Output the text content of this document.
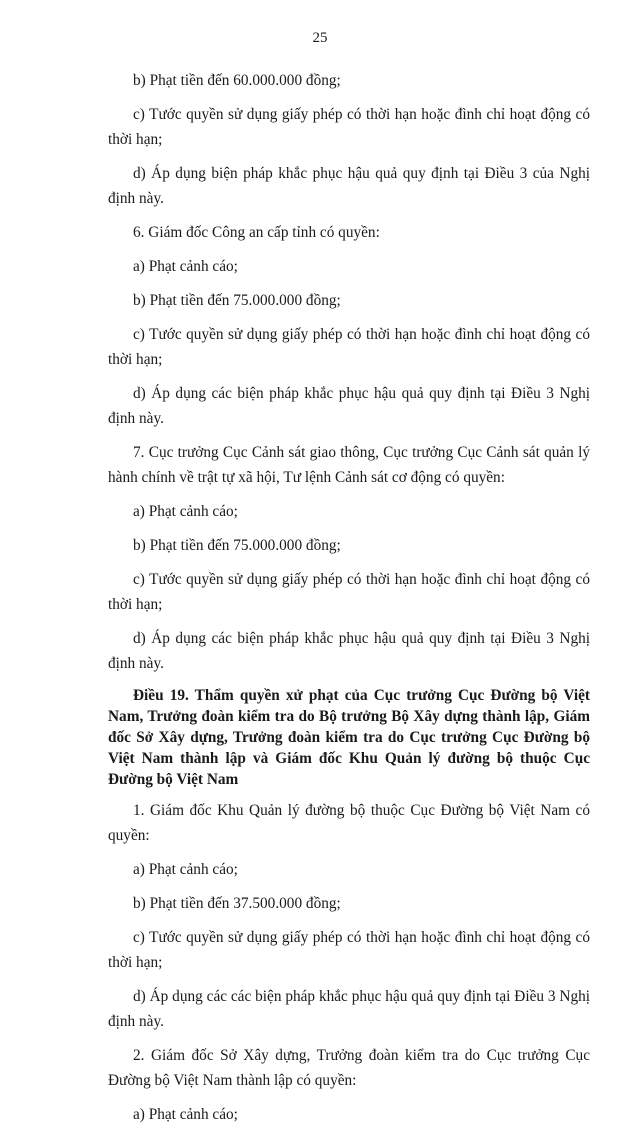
25

b) Phạt tiền đến 60.000.000 đồng;

c) Tước quyền sử dụng giấy phép có thời hạn hoặc đình chỉ hoạt động có thời hạn;

d) Áp dụng biện pháp khắc phục hậu quả quy định tại Điều 3 của Nghị định này.

6. Giám đốc Công an cấp tỉnh có quyền:

a) Phạt cảnh cáo;

b) Phạt tiền đến 75.000.000 đồng;

c) Tước quyền sử dụng giấy phép có thời hạn hoặc đình chỉ hoạt động có thời hạn;

d) Áp dụng các biện pháp khắc phục hậu quả quy định tại Điều 3 Nghị định này.

7. Cục trưởng Cục Cảnh sát giao thông, Cục trưởng Cục Cảnh sát quản lý hành chính về trật tự xã hội, Tư lệnh Cảnh sát cơ động có quyền:

a) Phạt cảnh cáo;

b) Phạt tiền đến 75.000.000 đồng;

c) Tước quyền sử dụng giấy phép có thời hạn hoặc đình chỉ hoạt động có thời hạn;

d) Áp dụng các biện pháp khắc phục hậu quả quy định tại Điều 3 Nghị định này.

Điều 19. Thẩm quyền xử phạt của Cục trưởng Cục Đường bộ Việt Nam, Trưởng đoàn kiểm tra do Bộ trưởng Bộ Xây dựng thành lập, Giám đốc Sở Xây dựng, Trưởng đoàn kiểm tra do Cục trưởng Cục Đường bộ Việt Nam thành lập và Giám đốc Khu Quản lý đường bộ thuộc Cục Đường bộ Việt Nam

1. Giám đốc Khu Quản lý đường bộ thuộc Cục Đường bộ Việt Nam có quyền:

a) Phạt cảnh cáo;

b) Phạt tiền đến 37.500.000 đồng;

c) Tước quyền sử dụng giấy phép có thời hạn hoặc đình chỉ hoạt động có thời hạn;

d) Áp dụng các các biện pháp khắc phục hậu quả quy định tại Điều 3 Nghị định này.

2. Giám đốc Sở Xây dựng, Trưởng đoàn kiểm tra do Cục trưởng Cục Đường bộ Việt Nam thành lập có quyền:

a) Phạt cảnh cáo;
